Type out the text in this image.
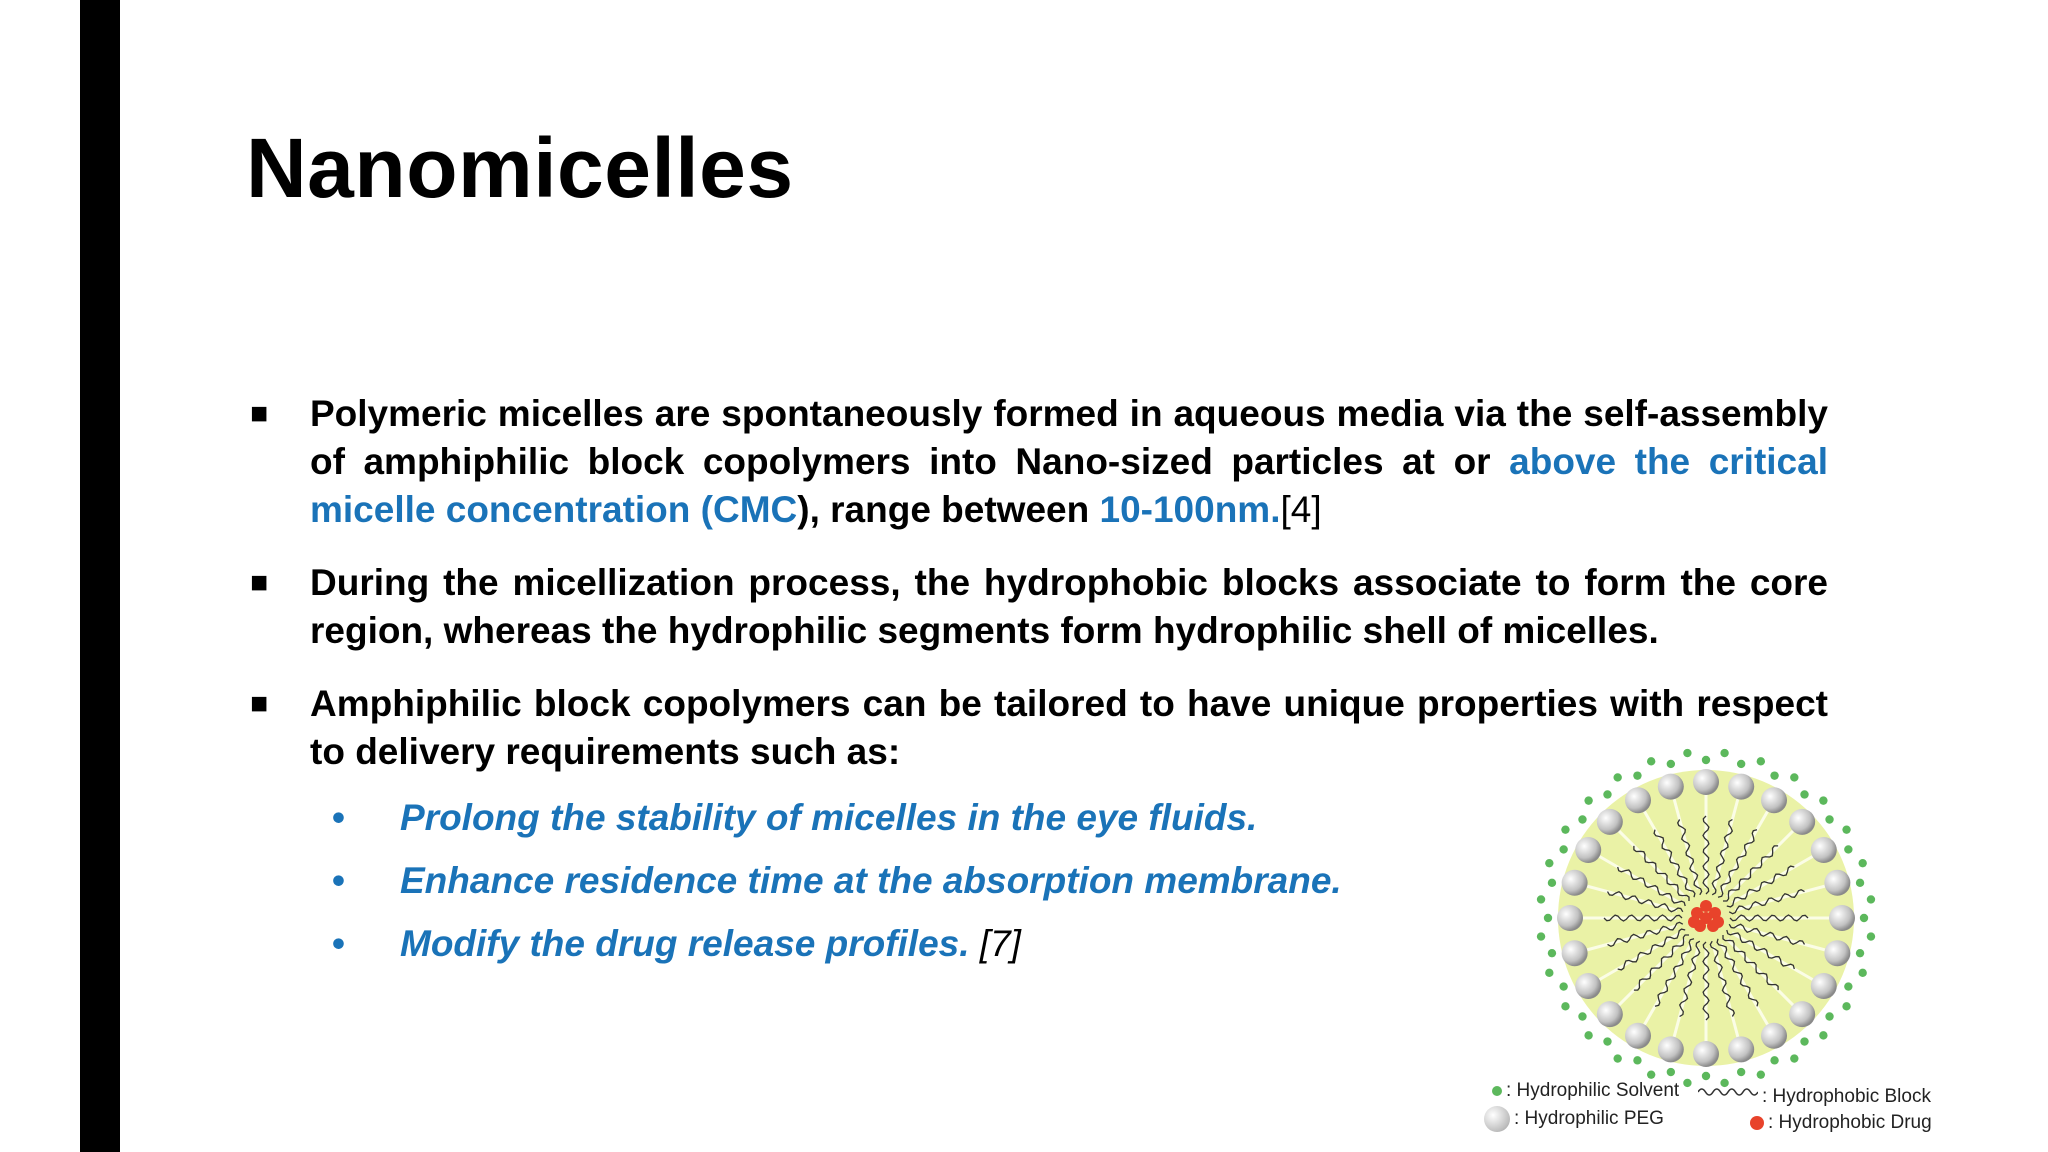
Nanomicelles
■ Polymeric micelles are spontaneously formed in aqueous media via the self-assembly of amphiphilic block copolymers into Nano-sized particles at or above the critical micelle concentration (CMC), range between 10-100nm.[4]
■ During the micellization process, the hydrophobic blocks associate to form the core region, whereas the hydrophilic segments form hydrophilic shell of micelles.
■ Amphiphilic block copolymers can be tailored to have unique properties with respect to delivery requirements such as:
• Prolong the stability of micelles in the eye fluids.
• Enhance residence time at the absorption membrane.
• Modify the drug release profiles. [7]
: Hydrophilic Solvent
: Hydrophilic PEG
: Hydrophobic Block
: Hydrophobic Drug
